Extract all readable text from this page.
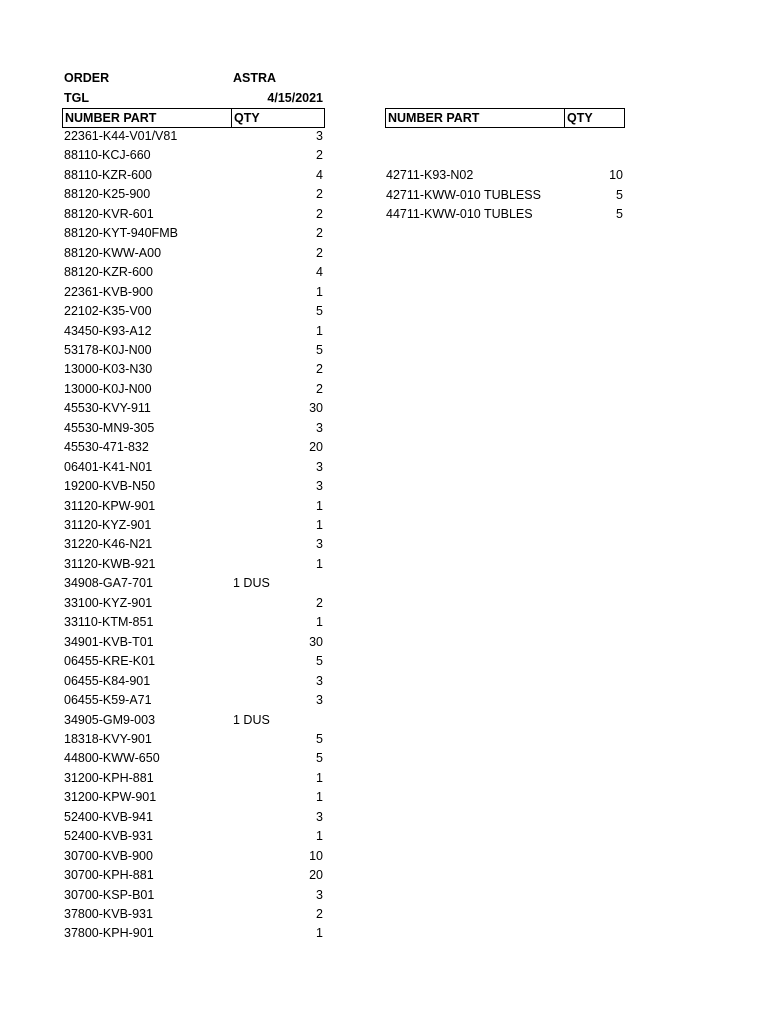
ORDER	ASTRA
TGL	4/15/2021
NUMBER PART	QTY	NUMBER PART	QTY
22361-K44-V01/V81	3
88110-KCJ-660	2
88110-KZR-600	4
88120-K25-900	2
88120-KVR-601	2
88120-KYT-940FMB	2
88120-KWW-A00	2
88120-KZR-600	4
22361-KVB-900	1
22102-K35-V00	5
43450-K93-A12	1
53178-K0J-N00	5
13000-K03-N30	2
13000-K0J-N00	2
45530-KVY-911	30
45530-MN9-305	3
45530-471-832	20
06401-K41-N01	3
19200-KVB-N50	3
31120-KPW-901	1
31120-KYZ-901	1
31220-K46-N21	3
31120-KWB-921	1
34908-GA7-701	1 DUS
33100-KYZ-901	2
33110-KTM-851	1
34901-KVB-T01	30
06455-KRE-K01	5
06455-K84-901	3
06455-K59-A71	3
34905-GM9-003	1 DUS
18318-KVY-901	5
44800-KWW-650	5
31200-KPH-881	1
31200-KPW-901	1
52400-KVB-941	3
52400-KVB-931	1
30700-KVB-900	10
30700-KPH-881	20
30700-KSP-B01	3
37800-KVB-931	2
37800-KPH-901	1
42711-K93-N02	10
42711-KWW-010 TUBLESS	5
44711-KWW-010 TUBLES	5
